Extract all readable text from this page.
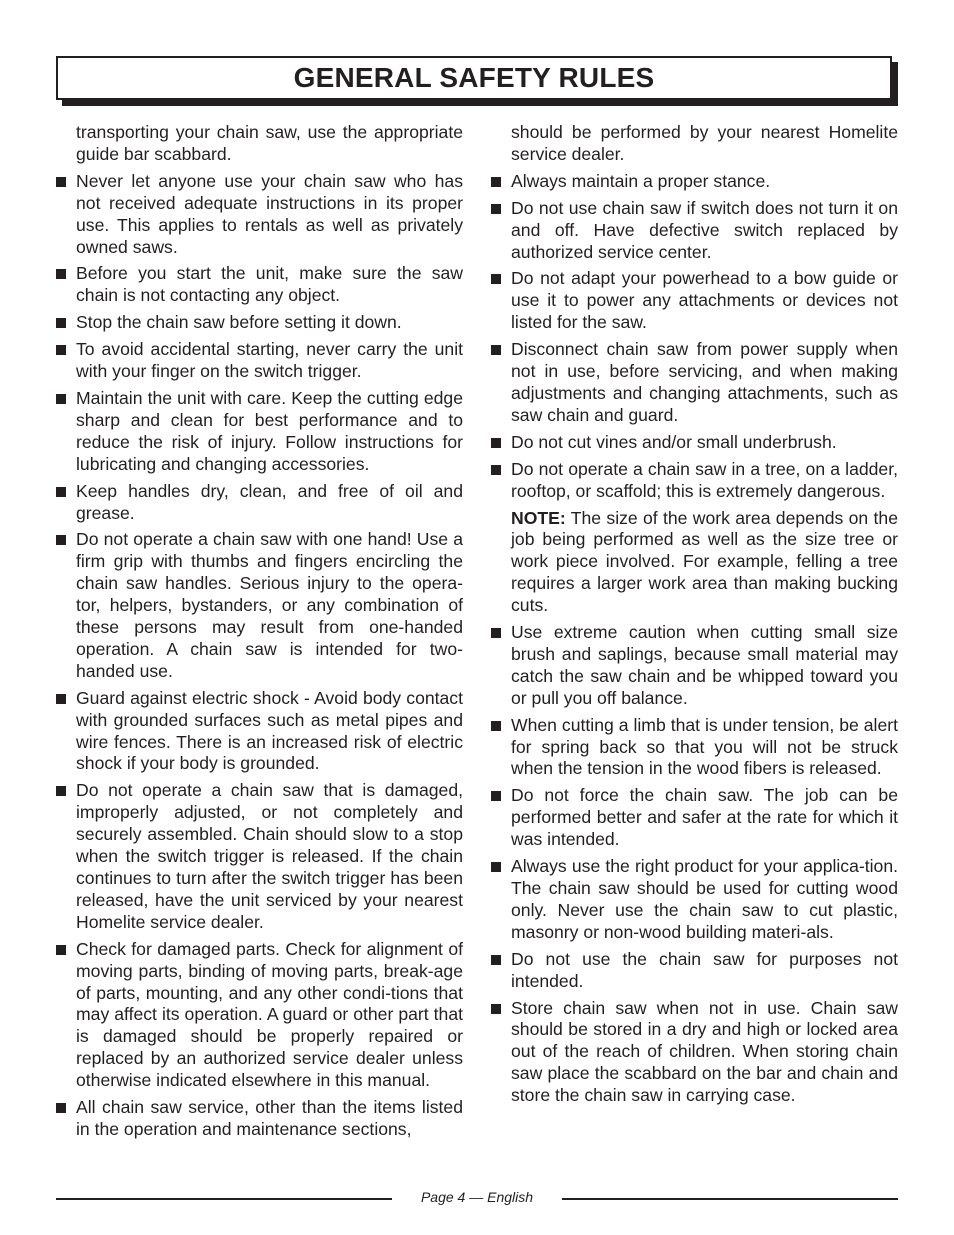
GENERAL SAFETY RULES
transporting your chain saw, use the appropriate guide bar scabbard.
Never let anyone use your chain saw who has not received adequate instructions in its proper use. This applies to rentals as well as privately owned saws.
Before you start the unit, make sure the saw chain is not contacting any object.
Stop the chain saw before setting it down.
To avoid accidental starting, never carry the unit with your finger on the switch trigger.
Maintain the unit with care. Keep the cutting edge sharp and clean for best performance and to reduce the risk of injury. Follow instructions for lubricating and changing accessories.
Keep handles dry, clean, and free of oil and grease.
Do not operate a chain saw with one hand! Use a firm grip with thumbs and fingers encircling the chain saw handles. Serious injury to the opera-tor, helpers, bystanders, or any combination of these persons may result from one-handed operation. A chain saw is intended for two-handed use.
Guard against electric shock - Avoid body contact with grounded surfaces such as metal pipes and wire fences. There is an increased risk of electric shock if your body is grounded.
Do not operate a chain saw that is damaged, improperly adjusted, or not completely and securely assembled. Chain should slow to a stop when the switch trigger is released. If the chain continues to turn after the switch trigger has been released, have the unit serviced by your nearest Homelite service dealer.
Check for damaged parts. Check for alignment of moving parts, binding of moving parts, break-age of parts, mounting, and any other condi-tions that may affect its operation. A guard or other part that is damaged should be properly repaired or replaced by an authorized service dealer unless otherwise indicated elsewhere in this manual.
All chain saw service, other than the items listed in the operation and maintenance sections,
should be performed by your nearest Homelite service dealer.
Always maintain a proper stance.
Do not use chain saw if switch does not turn it on and off. Have defective switch replaced by authorized service center.
Do not adapt your powerhead to a bow guide or use it to power any attachments or devices not listed for the saw.
Disconnect chain saw from power supply when not in use, before servicing, and when making adjustments and changing attachments, such as saw chain and guard.
Do not cut vines and/or small underbrush.
Do not operate a chain saw in a tree, on a ladder, rooftop, or scaffold; this is extremely dangerous.
NOTE: The size of the work area depends on the job being performed as well as the size tree or work piece involved. For example, felling a tree requires a larger work area than making bucking cuts.
Use extreme caution when cutting small size brush and saplings, because small material may catch the saw chain and be whipped toward you or pull you off balance.
When cutting a limb that is under tension, be alert for spring back so that you will not be struck when the tension in the wood fibers is released.
Do not force the chain saw. The job can be performed better and safer at the rate for which it was intended.
Always use the right product for your applica-tion. The chain saw should be used for cutting wood only. Never use the chain saw to cut plastic, masonry or non-wood building materi-als.
Do not use the chain saw for purposes not intended.
Store chain saw when not in use. Chain saw should be stored in a dry and high or locked area out of the reach of children. When storing chain saw place the scabbard on the bar and chain and store the chain saw in carrying case.
Page 4 — English
